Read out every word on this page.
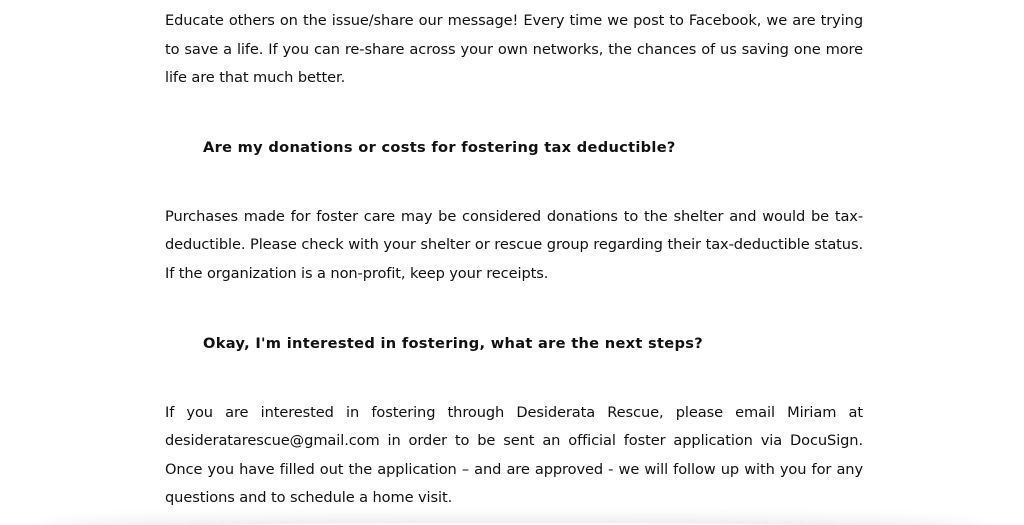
Educate others on the issue/share our message! Every time we post to Facebook, we are trying to save a life. If you can re-share across your own networks, the chances of us saving one more life are that much better.

Are my donations or costs for fostering tax deductible?

Purchases made for foster care may be considered donations to the shelter and would be tax-deductible. Please check with your shelter or rescue group regarding their tax-deductible status. If the organization is a non-profit, keep your receipts.

Okay, I'm interested in fostering, what are the next steps?

If you are interested in fostering through Desiderata Rescue, please email Miriam at desideratarescue@gmail.com in order to be sent an official foster application via DocuSign. Once you have filled out the application – and are approved - we will follow up with you for any questions and to schedule a home visit.
